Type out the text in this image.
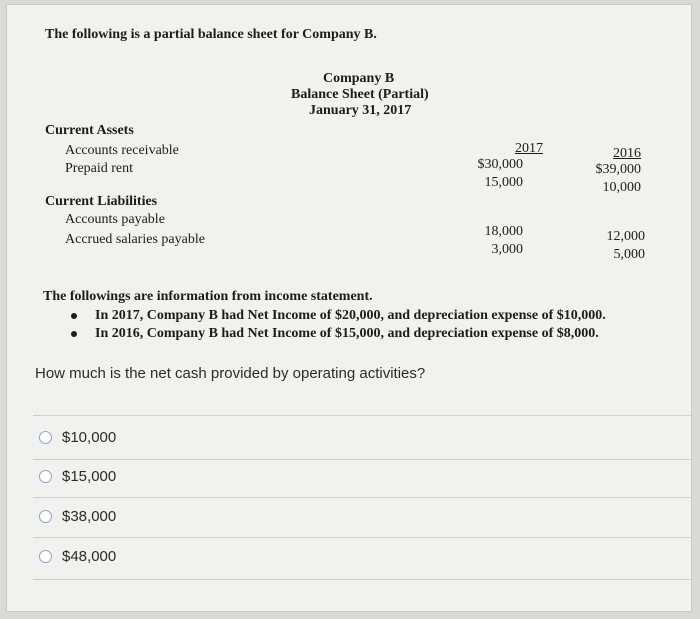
The following is a partial balance sheet for Company B.
Company B
Balance Sheet (Partial)
January 31, 2017
Current Assets
Accounts receivable
Prepaid rent
2017
$30,000
15,000
2016
$39,000
10,000
Current Liabilities
Accounts payable
Accrued salaries payable
18,000
3,000
12,000
5,000
The followings are information from income statement.
In 2017, Company B had Net Income of $20,000, and depreciation expense of $10,000.
In 2016, Company B had Net Income of $15,000, and depreciation expense of $8,000.
How much is the net cash provided by operating activities?
$10,000
$15,000
$38,000
$48,000
